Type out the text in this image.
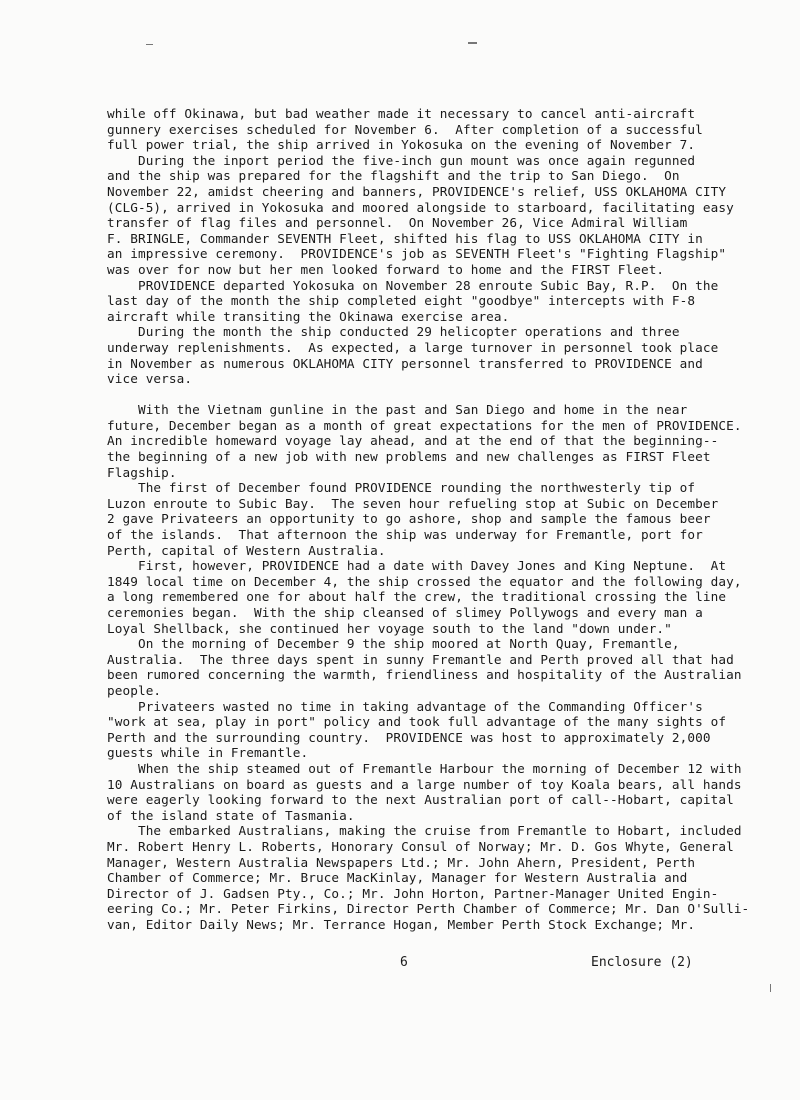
while off Okinawa, but bad weather made it necessary to cancel anti-aircraft
gunnery exercises scheduled for November 6.  After completion of a successful
full power trial, the ship arrived in Yokosuka on the evening of November 7.
During the inport period the five-inch gun mount was once again regunned
and the ship was prepared for the flagshift and the trip to San Diego.  On
November 22, amidst cheering and banners, PROVIDENCE's relief, USS OKLAHOMA CITY
(CLG-5), arrived in Yokosuka and moored alongside to starboard, facilitating easy
transfer of flag files and personnel.  On November 26, Vice Admiral William
F. BRINGLE, Commander SEVENTH Fleet, shifted his flag to USS OKLAHOMA CITY in
an impressive ceremony.  PROVIDENCE's job as SEVENTH Fleet's "Fighting Flagship"
was over for now but her men looked forward to home and the FIRST Fleet.
PROVIDENCE departed Yokosuka on November 28 enroute Subic Bay, R.P.  On the
last day of the month the ship completed eight "goodbye" intercepts with F-8
aircraft while transiting the Okinawa exercise area.
During the month the ship conducted 29 helicopter operations and three
underway replenishments.  As expected, a large turnover in personnel took place
in November as numerous OKLAHOMA CITY personnel transferred to PROVIDENCE and
vice versa.
With the Vietnam gunline in the past and San Diego and home in the near
future, December began as a month of great expectations for the men of PROVIDENCE.
An incredible homeward voyage lay ahead, and at the end of that the beginning--
the beginning of a new job with new problems and new challenges as FIRST Fleet
Flagship.
The first of December found PROVIDENCE rounding the northwesterly tip of
Luzon enroute to Subic Bay.  The seven hour refueling stop at Subic on December
2 gave Privateers an opportunity to go ashore, shop and sample the famous beer
of the islands.  That afternoon the ship was underway for Fremantle, port for
Perth, capital of Western Australia.
First, however, PROVIDENCE had a date with Davey Jones and King Neptune.  At
1849 local time on December 4, the ship crossed the equator and the following day,
a long remembered one for about half the crew, the traditional crossing the line
ceremonies began.  With the ship cleansed of slimey Pollywogs and every man a
Loyal Shellback, she continued her voyage south to the land "down under."
On the morning of December 9 the ship moored at North Quay, Fremantle,
Australia.  The three days spent in sunny Fremantle and Perth proved all that had
been rumored concerning the warmth, friendliness and hospitality of the Australian
people.
Privateers wasted no time in taking advantage of the Commanding Officer's
"work at sea, play in port" policy and took full advantage of the many sights of
Perth and the surrounding country.  PROVIDENCE was host to approximately 2,000
guests while in Fremantle.
When the ship steamed out of Fremantle Harbour the morning of December 12 with
10 Australians on board as guests and a large number of toy Koala bears, all hands
were eagerly looking forward to the next Australian port of call--Hobart, capital
of the island state of Tasmania.
The embarked Australians, making the cruise from Fremantle to Hobart, included
Mr. Robert Henry L. Roberts, Honorary Consul of Norway; Mr. D. Gos Whyte, General
Manager, Western Australia Newspapers Ltd.; Mr. John Ahern, President, Perth
Chamber of Commerce; Mr. Bruce MacKinlay, Manager for Western Australia and
Director of J. Gadsen Pty., Co.; Mr. John Horton, Partner-Manager United Engin-
eering Co.; Mr. Peter Firkins, Director Perth Chamber of Commerce; Mr. Dan O'Sulli-
van, Editor Daily News; Mr. Terrance Hogan, Member Perth Stock Exchange; Mr.
6	Enclosure (2)
